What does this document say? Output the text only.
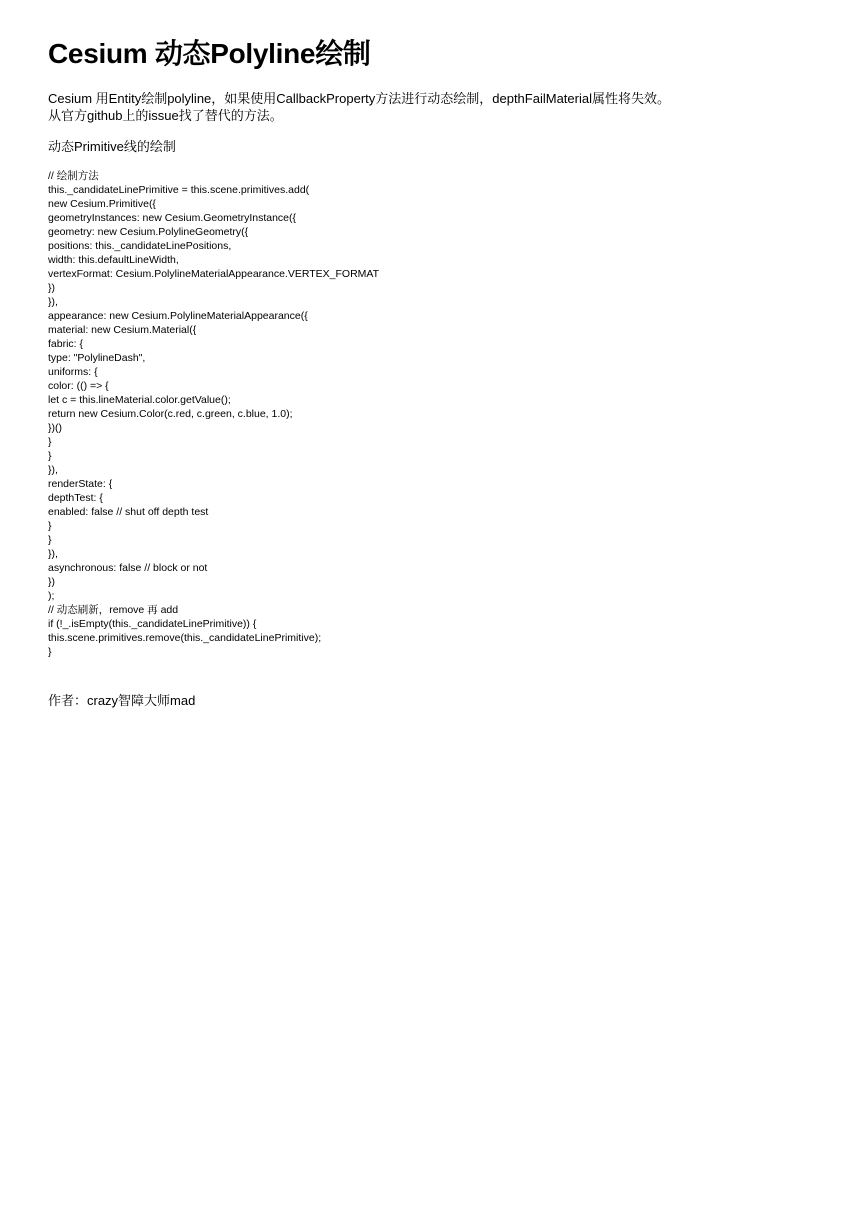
Cesium 动态Polyline绘制

Cesium 用Entity绘制polyline，如果使用CallbackProperty方法进行动态绘制，depthFailMaterial属性将失效。
从官方github上的issue找了替代的方法。

动态Primitive线的绘制

// 绘制方法
this._candidateLinePrimitive = this.scene.primitives.add(
new Cesium.Primitive({
geometryInstances: new Cesium.GeometryInstance({
geometry: new Cesium.PolylineGeometry({
positions: this._candidateLinePositions,
width: this.defaultLineWidth,
vertexFormat: Cesium.PolylineMaterialAppearance.VERTEX_FORMAT
})
}),
appearance: new Cesium.PolylineMaterialAppearance({
material: new Cesium.Material({
fabric: {
type: "PolylineDash",
uniforms: {
color: (() => {
let c = this.lineMaterial.color.getValue();
return new Cesium.Color(c.red, c.green, c.blue, 1.0);
})()
}
}
}),
renderState: {
depthTest: {
enabled: false // shut off depth test
}
}
}),
asynchronous: false // block or not
})
);
// 动态刷新，remove 再 add
if (!_.isEmpty(this._candidateLinePrimitive)) {
this.scene.primitives.remove(this._candidateLinePrimitive);
}

作者：crazy智障大师mad
